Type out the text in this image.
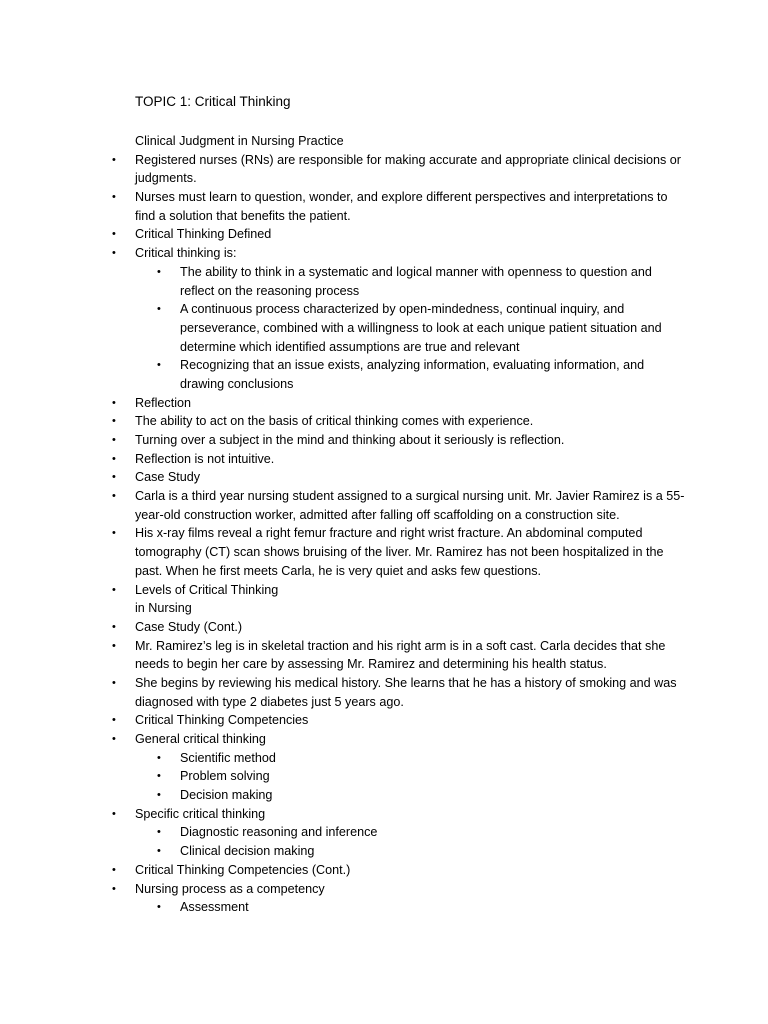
TOPIC 1: Critical Thinking
Clinical Judgment in Nursing Practice
• Registered nurses (RNs) are responsible for making accurate and appropriate clinical decisions or
judgments.
• Nurses must learn to question, wonder, and explore different perspectives and interpretations to
find a solution that benefits the patient.
• Critical Thinking Defined
• Critical thinking is:
• The ability to think in a systematic and logical manner with openness to question and
reflect on the reasoning process
• A continuous process characterized by open-mindedness, continual inquiry, and
perseverance, combined with a willingness to look at each unique patient situation and
determine which identified assumptions are true and relevant
• Recognizing that an issue exists, analyzing information, evaluating information, and
drawing conclusions
• Reflection
• The ability to act on the basis of critical thinking comes with experience.
• Turning over a subject in the mind and thinking about it seriously is reflection.
• Reflection is not intuitive.
• Case Study
• Carla is a third year nursing student assigned to a surgical nursing unit. Mr. Javier Ramirez is a 55-
year-old construction worker, admitted after falling off scaffolding on a construction site.
• His x-ray films reveal a right femur fracture and right wrist fracture. An abdominal computed
tomography (CT) scan shows bruising of the liver. Mr. Ramirez has not been hospitalized in the
past. When he first meets Carla, he is very quiet and asks few questions.
• Levels of Critical Thinking
in Nursing
• Case Study (Cont.)
• Mr. Ramirez’s leg is in skeletal traction and his right arm is in a soft cast. Carla decides that she
needs to begin her care by assessing Mr. Ramirez and determining his health status.
• She begins by reviewing his medical history. She learns that he has a history of smoking and was
diagnosed with type 2 diabetes just 5 years ago.
• Critical Thinking Competencies
• General critical thinking
• Scientific method
• Problem solving
• Decision making
• Specific critical thinking
• Diagnostic reasoning and inference
• Clinical decision making
• Critical Thinking Competencies (Cont.)
• Nursing process as a competency
• Assessment
